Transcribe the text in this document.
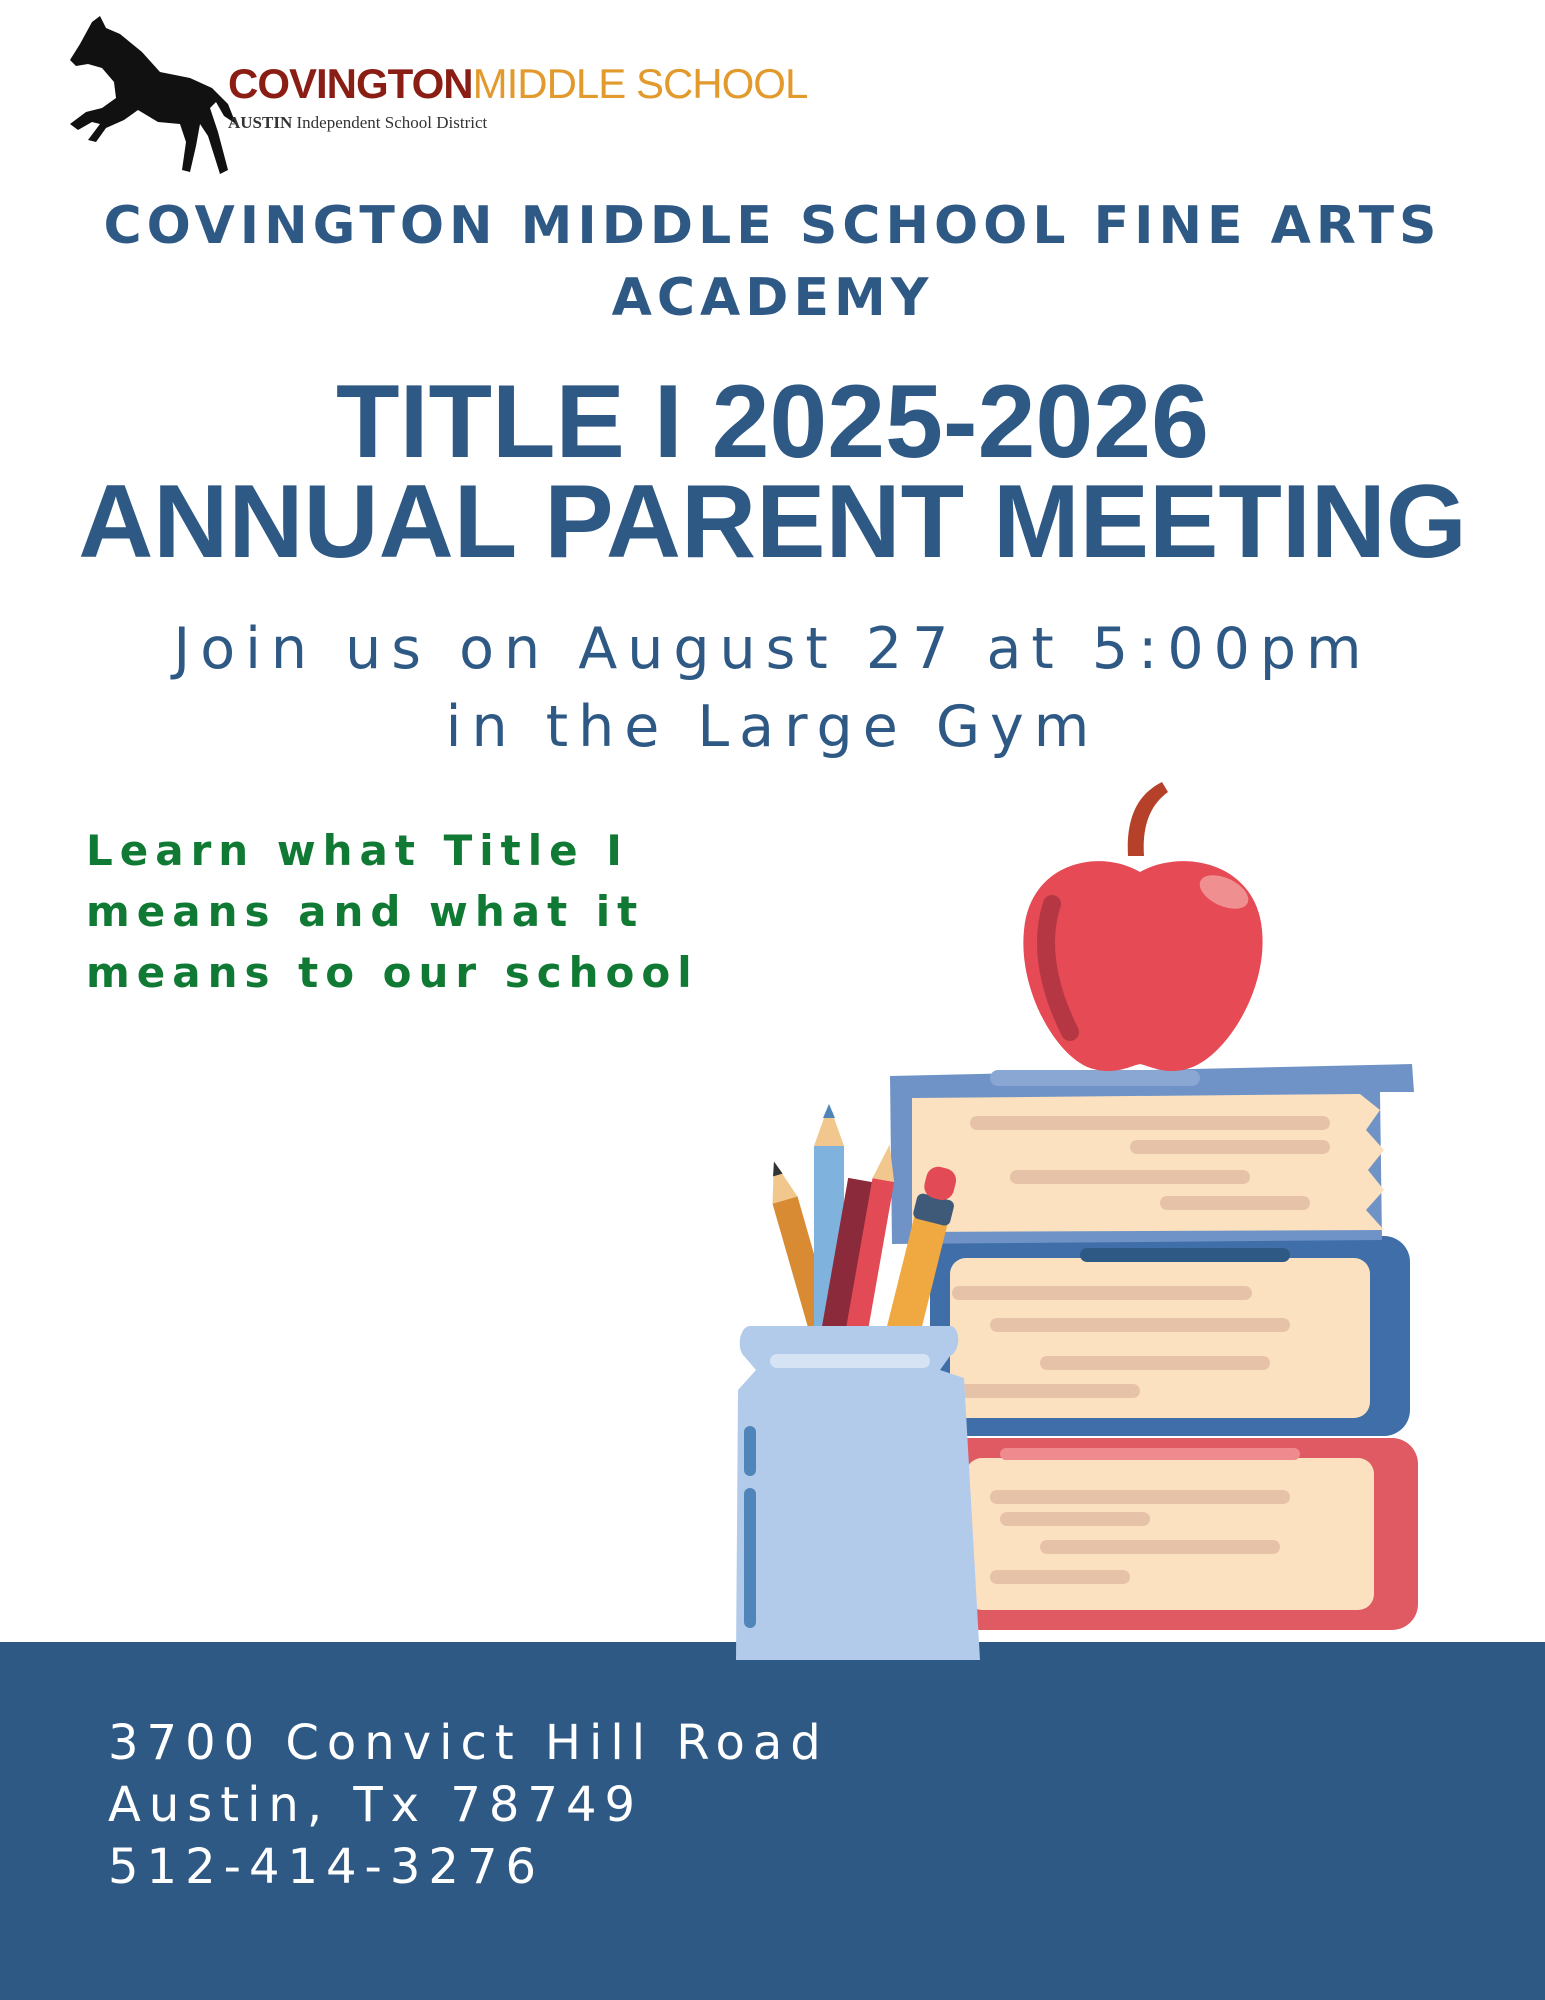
COVINGTONMIDDLE SCHOOL
AUSTIN Independent School District
COVINGTON MIDDLE SCHOOL FINE ARTS
ACADEMY
TITLE I 2025-2026
ANNUAL PARENT MEETING
Join us on August 27 at 5:00pm
in the Large Gym
Learn what Title I
means and what it
means to our school
3700 Convict Hill Road
Austin, Tx 78749
512-414-3276
